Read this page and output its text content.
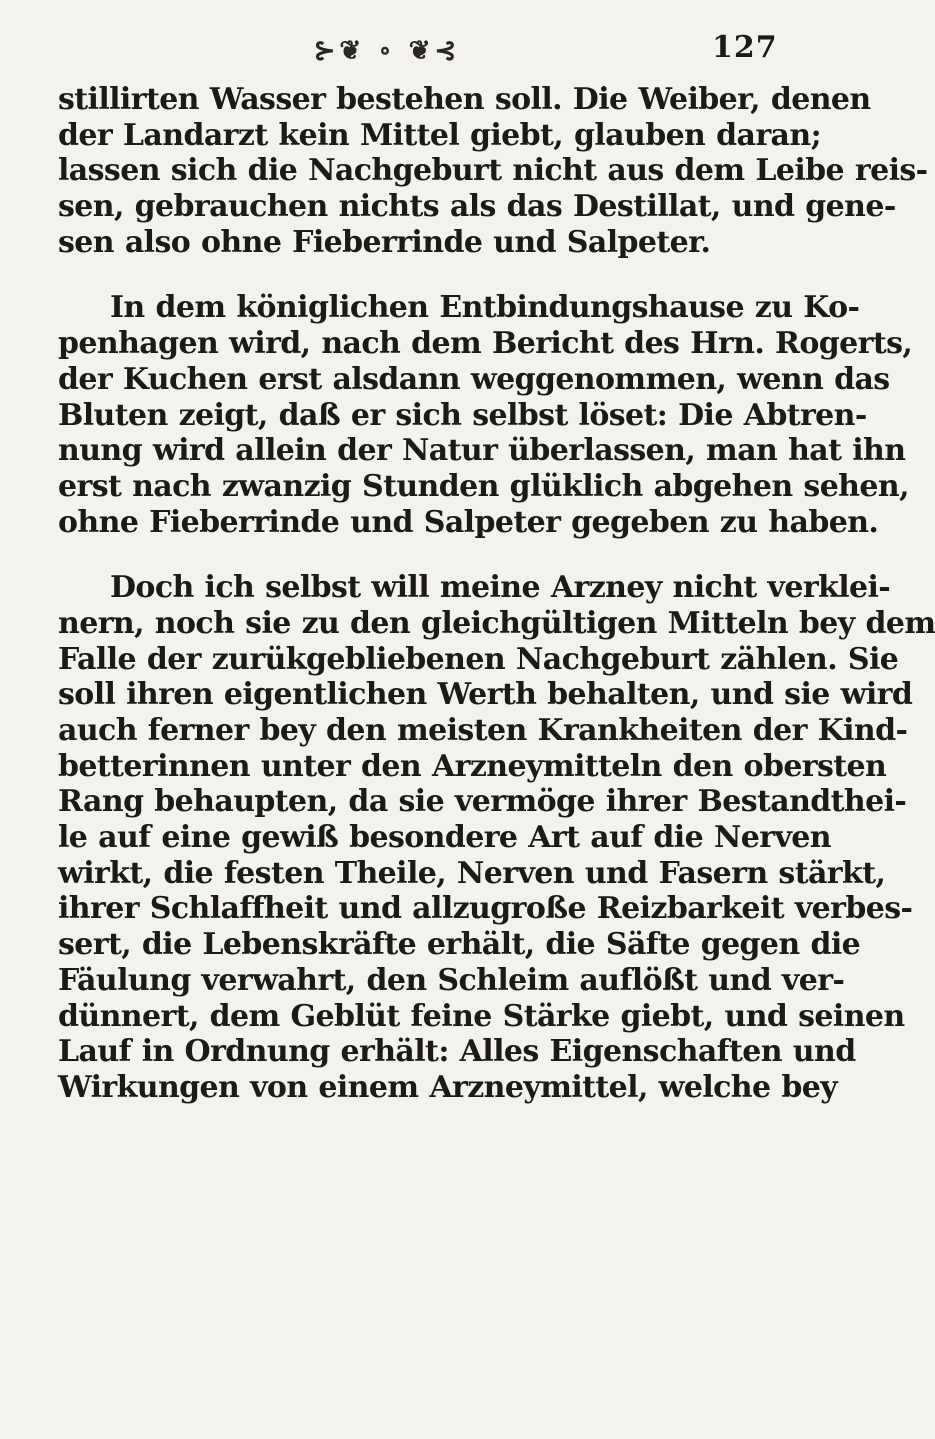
⊱❦ ∘ ❦⊰	127
stillirten Wasser bestehen soll. Die Weiber, denen
der Landarzt kein Mittel giebt, glauben daran;
lassen sich die Nachgeburt nicht aus dem Leibe reis-
sen, gebrauchen nichts als das Destillat, und gene-
sen also ohne Fieberrinde und Salpeter.
In dem königlichen Entbindungshause zu Ko-
penhagen wird, nach dem Bericht des Hrn. Rogerts,
der Kuchen erst alsdann weggenommen, wenn das
Bluten zeigt, daß er sich selbst löset: Die Abtren-
nung wird allein der Natur überlassen, man hat ihn
erst nach zwanzig Stunden glüklich abgehen sehen,
ohne Fieberrinde und Salpeter gegeben zu haben.
Doch ich selbst will meine Arzney nicht verklei-
nern, noch sie zu den gleichgültigen Mitteln bey dem
Falle der zurükgebliebenen Nachgeburt zählen. Sie
soll ihren eigentlichen Werth behalten, und sie wird
auch ferner bey den meisten Krankheiten der Kind-
betterinnen unter den Arzneymitteln den obersten
Rang behaupten, da sie vermöge ihrer Bestandthei-
le auf eine gewiß besondere Art auf die Nerven
wirkt, die festen Theile, Nerven und Fasern stärkt,
ihrer Schlaffheit und allzugroße Reizbarkeit verbes-
sert, die Lebenskräfte erhält, die Säfte gegen die
Fäulung verwahrt, den Schleim auflößt und ver-
dünnert, dem Geblüt feine Stärke giebt, und seinen
Lauf in Ordnung erhält: Alles Eigenschaften und
Wirkungen von einem Arzneymittel, welche bey
